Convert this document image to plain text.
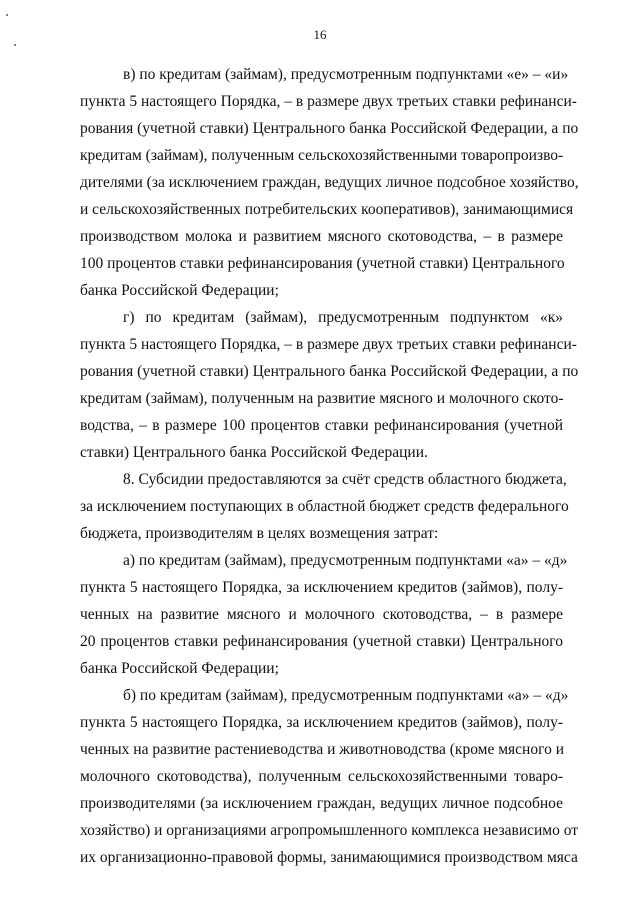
16
в) по кредитам (займам), предусмотренным подпунктами «е» – «и»
пункта 5 настоящего Порядка, – в размере двух третьих ставки рефинанси-
рования (учетной ставки) Центрального банка Российской Федерации, а по
кредитам (займам), полученным сельскохозяйственными товаропроизво-
дителями (за исключением граждан, ведущих личное подсобное хозяйство,
и сельскохозяйственных потребительских кооперативов), занимающимися
производством молока и развитием мясного скотоводства, – в размере
100 процентов ставки рефинансирования (учетной ставки) Центрального
банка Российской Федерации;
г) по кредитам (займам), предусмотренным подпунктом «к»
пункта 5 настоящего Порядка, – в размере двух третьих ставки рефинанси-
рования (учетной ставки) Центрального банка Российской Федерации, а по
кредитам (займам), полученным на развитие мясного и молочного ското-
водства, – в размере 100 процентов ставки рефинансирования (учетной
ставки) Центрального банка Российской Федерации.
8. Субсидии предоставляются за счёт средств областного бюджета,
за исключением поступающих в областной бюджет средств федерального
бюджета, производителям в целях возмещения затрат:
а) по кредитам (займам), предусмотренным подпунктами «а» – «д»
пункта 5 настоящего Порядка, за исключением кредитов (займов), полу-
ченных на развитие мясного и молочного скотоводства, – в размере
20 процентов ставки рефинансирования (учетной ставки) Центрального
банка Российской Федерации;
б) по кредитам (займам), предусмотренным подпунктами «а» – «д»
пункта 5 настоящего Порядка, за исключением кредитов (займов), полу-
ченных на развитие растениеводства и животноводства (кроме мясного и
молочного скотоводства), полученным сельскохозяйственными товаро-
производителями (за исключением граждан, ведущих личное подсобное
хозяйство) и организациями агропромышленного комплекса независимо от
их организационно-правовой формы, занимающимися производством мяса
